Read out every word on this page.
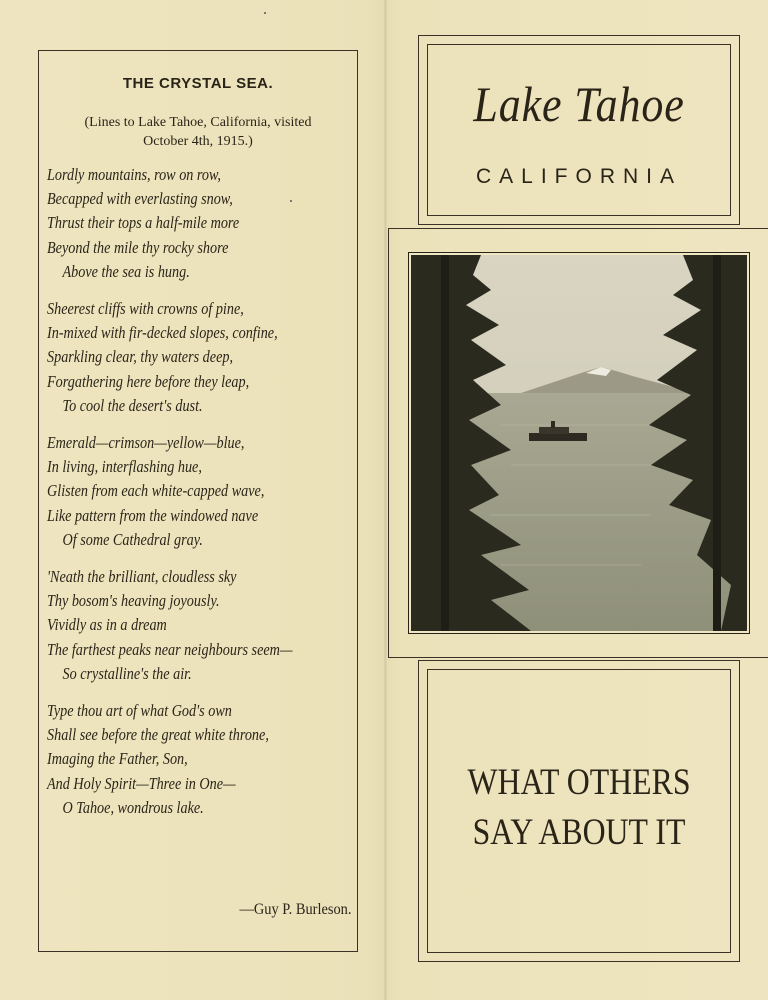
THE CRYSTAL SEA.
(Lines to Lake Tahoe, California, visited
October 4th, 1915.)
Lordly mountains, row on row,
Becapped with everlasting snow,
Thrust their tops a half-mile more
Beyond the mile thy rocky shore
Above the sea is hung.
Sheerest cliffs with crowns of pine,
In-mixed with fir-decked slopes, confine,
Sparkling clear, thy waters deep,
Forgathering here before they leap,
To cool the desert's dust.
Emerald—crimson—yellow—blue,
In living, interflashing hue,
Glisten from each white-capped wave,
Like pattern from the windowed nave
Of some Cathedral gray.
'Neath the brilliant, cloudless sky
Thy bosom's heaving joyously.
Vividly as in a dream
The farthest peaks near neighbours seem—
So crystalline's the air.
Type thou art of what God's own
Shall see before the great white throne,
Imaging the Father, Son,
And Holy Spirit—Three in One—
O Tahoe, wondrous lake.
—Guy P. Burleson.
Lake Tahoe
CALIFORNIA
WHAT OTHERS
SAY ABOUT IT
